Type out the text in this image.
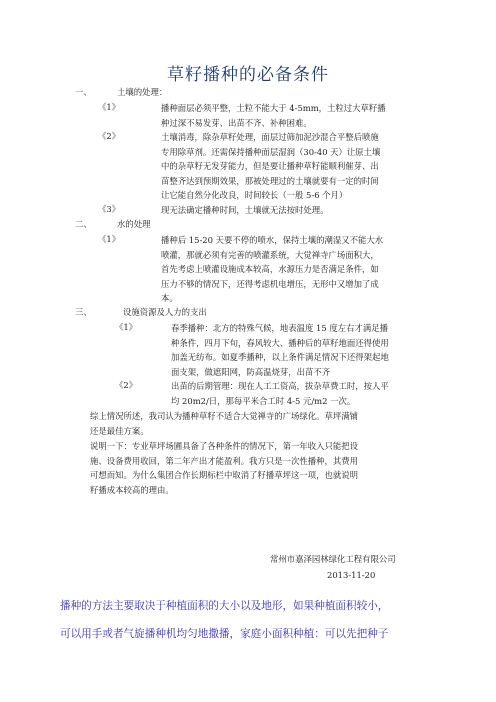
草籽播种的必备条件
一、	土壤的处理：
《1》	播种面层必须平整，土粒不能大于 4-5mm，土粒过大草籽播
种过深不易发芽、出苗不齐、补种困难。
《2》	土壤消毒，除杂草籽处理，面层过筛加泥沙混合平整后喷施
专用除草剂。还需保持播种面层湿润（30-40 天）让原土壤
中的杂草籽无发芽能力，但是要让播种草籽能顺利催芽、出
苗整齐达到预期效果，那被处理过的土壤就要有一定的时间
让它能自然分化改良，时间较长（一般 5-6 个月）
《3》	现无法确定播种时间，土壤就无法按时处理。
二、	水的处理
《1》	播种后 15-20 天要不停的喷水，保持土壤的潮湿又不能大水
喷灌，那就必须有完善的喷灌系统，大觉禅寺广场面积大，
首先考虑上喷灌设施成本较高，水源压力是否满足条件，如
压力不够的情况下，还得考虑机电增压，无形中又增加了成
本。
三、	设施资源及人力的支出
《1》	春季播种：北方的特殊气候，地表温度 15 度左右才满足播
种条件，四月下旬，春风较大、播种后的草籽地面还得使用
加盖无纺布。如夏季播种，以上条件满足情况下还得架起地
面支架，做遮阳网，防高温烧芽，出苗不齐
《2》	出苗的后期管理：现在人工工资高，拔杂草费工时，按人平
均 20m2/日，那每平米合工时 4-5 元/m2 一次。
综上情况所述，我司认为播种草籽不适合大觉禅寺的广场绿化。草坪满铺
还是最佳方案。
说明一下：专业草坪场圃具备了各种条件的情况下，第一年收入只能把设
施、设备费用收回，第二年产出才能盈利。我方只是一次性播种，其费用
可想而知。为什么集团合作长期标栏中取消了籽播草坪这一项，也就说明
籽播成本较高的理由。
常州市嘉泽园林绿化工程有限公司
2013-11-20
播种的方法主要取决于种植面积的大小以及地形，如果种植面积较小，
可以用手或者气旋播种机均匀地撒播，家庭小面积种植：可以先把种子
